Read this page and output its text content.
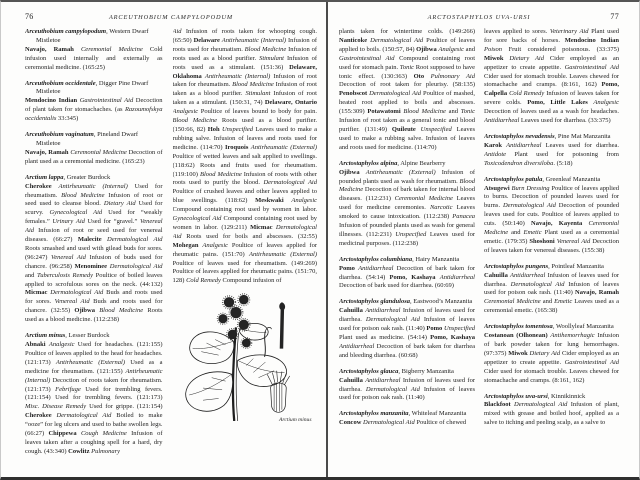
76	ARCEUTHOBIUM CAMPYLOPODUM
Arceuthobium campylopodum, Western Dwarf Mistletoe
Navajo, Ramah Ceremonial Medicine Cold infusion used internally and externally as ceremonial medicine. (165:25)
Arceuthobium occidentale, Digger Pine Dwarf Mistletoe
Mendocino Indian Gastrointestinal Aid Decoction of plant taken for stomachaches. (as Razoumofskya occidentalis 33:345)
Arceuthobium vaginatum, Pineland Dwarf Mistletoe
Navajo, Ramah Ceremonial Medicine Decoction of plant used as a ceremonial medicine. (165:23)
Arctium lappa, Greater Burdock
Cherokee Antirheumatic (Internal) Used for rheumatism. Blood Medicine Infusion of root or seed used to cleanse blood. Dietary Aid Used for scurvy. Gynecological Aid Used for “weakly females.” Urinary Aid Used for “gravel.” Venereal Aid Infusion of root or seed used for venereal diseases. (66:27) Malecite Dermatological Aid Roots smashed and used with gilead buds for sores. (96:247) Venereal Aid Infusion of buds used for chancre. (96:258) Menominee Dermatological Aid and Tuberculosis Remedy Poultice of boiled leaves applied to scrofulous sores on the neck. (44:132) Micmac Dermatological Aid Buds and roots used for sores. Venereal Aid Buds and roots used for chancre. (32:55) Ojibwa Blood Medicine Roots used as a blood medicine. (112:238)
Arctium minus, Lesser Burdock
Abnaki Analgesic Used for headaches. (121:155) Poultice of leaves applied to the head for headaches. (121:173) Antirheumatic (External) Used as a medicine for rheumatism. (121:155) Antirheumatic (Internal) Decoction of roots taken for rheumatism. (121:173) Febrifuge Used for trembling fevers. (121:154) Used for trembling fevers. (121:173) Misc. Disease Remedy Used for grippe. (121:154) Cherokee Dermatological Aid Boiled to make “ooze” for leg ulcers and used to bathe swollen legs. (66:27) Chippewa Cough Medicine Infusion of leaves taken after a coughing spell for a hard, dry cough. (43:340) Cowlitz Pulmonary
Aid Infusion of roots taken for whooping cough. (65:50) Delaware Antirheumatic (Internal) Infusion of roots used for rheumatism. Blood Medicine Infusion of roots used as a blood purifier. Stimulant Infusion of roots used as a stimulant. (151:36) Delaware, Oklahoma Antirheumatic (Internal) Infusion of root taken for rheumatism. Blood Medicine Infusion of root taken as a blood purifier. Stimulant Infusion of root taken as a stimulant. (150:31, 74) Delaware, Ontario Analgesic Poultice of leaves bound to body for pain. Blood Medicine Roots used as a blood purifier. (150:66, 82) Hoh Unspecified Leaves used to make a rubbing salve. Infusion of leaves and roots used for medicine. (114:70) Iroquois Antirheumatic (External) Poultice of wetted leaves and salt applied to swellings. (118:62) Roots and fruits used for rheumatism. (119:100) Blood Medicine Infusion of roots with other roots used to purify the blood. Dermatological Aid Poultice of crushed leaves and other leaves applied to blue swellings. (118:62) Meskwaki Analgesic Compound containing root used by women in labor. Gynecological Aid Compound containing root used by women in labor. (129:211) Micmac Dermatological Aid Roots used for boils and abscesses. (32:55) Mohegan Analgesic Poultice of leaves applied for rheumatic pains. (151:70) Antirheumatic (External) Poultice of leaves used for rheumatism. (149:269) Poultice of leaves applied for rheumatic pains. (151:70, 128) Cold Remedy Compound infusion of
Arctium minus
ARCTOSTAPHYLOS UVA-URSI	77
plants taken for wintertime colds. (149:266) Nanticoke Dermatological Aid Poultice of leaves applied to boils. (150:57, 84) Ojibwa Analgesic and Gastrointestinal Aid Compound containing root used for stomach pain. Tonic Root supposed to have tonic effect. (130:363) Oto Pulmonary Aid Decoction of root taken for pleurisy. (58:135) Penobscot Dermatological Aid Poultice of mashed, heated root applied to boils and abscesses. (155:309) Potawatomi Blood Medicine and Tonic Infusion of root taken as a general tonic and blood purifier. (131:49) Quileute Unspecified Leaves used to make a rubbing salve. Infusion of leaves and roots used for medicine. (114:70)
Arctostaphylos alpina, Alpine Bearberry
Ojibwa Antirheumatic (External) Infusion of pounded plants used as wash for rheumatism. Blood Medicine Decoction of bark taken for internal blood diseases. (112:231) Ceremonial Medicine Leaves used for medicine ceremonies. Narcotic Leaves smoked to cause intoxication. (112:238) Panacea Infusion of pounded plants used as wash for general illnesses. (112:231) Unspecified Leaves used for medicinal purposes. (112:238)
Arctostaphylos columbiana, Hairy Manzanita
Pomo Antidiarrheal Decoction of bark taken for diarrhea. (54:14) Pomo, Kashaya Antidiarrheal Decoction of bark used for diarrhea. (60:69)
Arctostaphylos glandulosa, Eastwood’s Manzanita
Cahuilla Antidiarrheal Infusion of leaves used for diarrhea. Dermatological Aid Infusion of leaves used for poison oak rash. (11:40) Pomo Unspecified Plant used as medicine. (54:14) Pomo, Kashaya Antidiarrheal Decoction of bark taken for diarrhea and bleeding diarrhea. (60:68)
Arctostaphylos glauca, Bigberry Manzanita
Cahuilla Antidiarrheal Infusion of leaves used for diarrhea. Dermatological Aid Infusion of leaves used for poison oak rash. (11:40)
Arctostaphylos manzanita, Whiteleaf Manzanita
Concow Dermatological Aid Poultice of chewed
leaves applied to sores. Veterinary Aid Plant used for sore backs of horses. Mendocino Indian Poison Fruit considered poisonous. (33:375) Miwok Dietary Aid Cider employed as an appetizer to create appetite. Gastrointestinal Aid Cider used for stomach trouble. Leaves chewed for stomachache and cramps. (8:161, 162) Pomo, Calpella Cold Remedy Infusion of leaves taken for severe colds. Pomo, Little Lakes Analgesic Decoction of leaves used as a wash for headaches. Antidiarrheal Leaves used for diarrhea. (33:375)
Arctostaphylos nevadensis, Pine Mat Manzanita
Karok Antidiarrheal Leaves used for diarrhea. Antidote Plant used for poisoning from Toxicodendron diversiloba. (5:18)
Arctostaphylos patula, Greenleaf Manzanita
Atsugewi Burn Dressing Poultice of leaves applied to burns. Decoction of pounded leaves used for burns. Dermatological Aid Decoction of pounded leaves used for cuts. Poultice of leaves applied to cuts. (50:140) Navajo, Kayenta Ceremonial Medicine and Emetic Plant used as a ceremonial emetic. (179:35) Shoshoni Venereal Aid Decoction of leaves taken for venereal diseases. (155:38)
Arctostaphylos pungens, Pointleaf Manzanita
Cahuilla Antidiarrheal Infusion of leaves used for diarrhea. Dermatological Aid Infusion of leaves used for poison oak rash. (11:40) Navajo, Ramah Ceremonial Medicine and Emetic Leaves used as a ceremonial emetic. (165:38)
Arctostaphylos tomentosa, Woollyleaf Manzanita
Costanoan (Olhonean) Antihemorrhagic Infusion of bark powder taken for lung hemorrhages. (97:375) Miwok Dietary Aid Cider employed as an appetizer to create appetite. Gastrointestinal Aid Cider used for stomach trouble. Leaves chewed for stomachache and cramps. (8:161, 162)
Arctostaphylos uva-ursi, Kinnikinnick
Blackfoot Dermatological Aid Infusion of plant, mixed with grease and boiled hoof, applied as a salve to itching and peeling scalp, as a salve to
